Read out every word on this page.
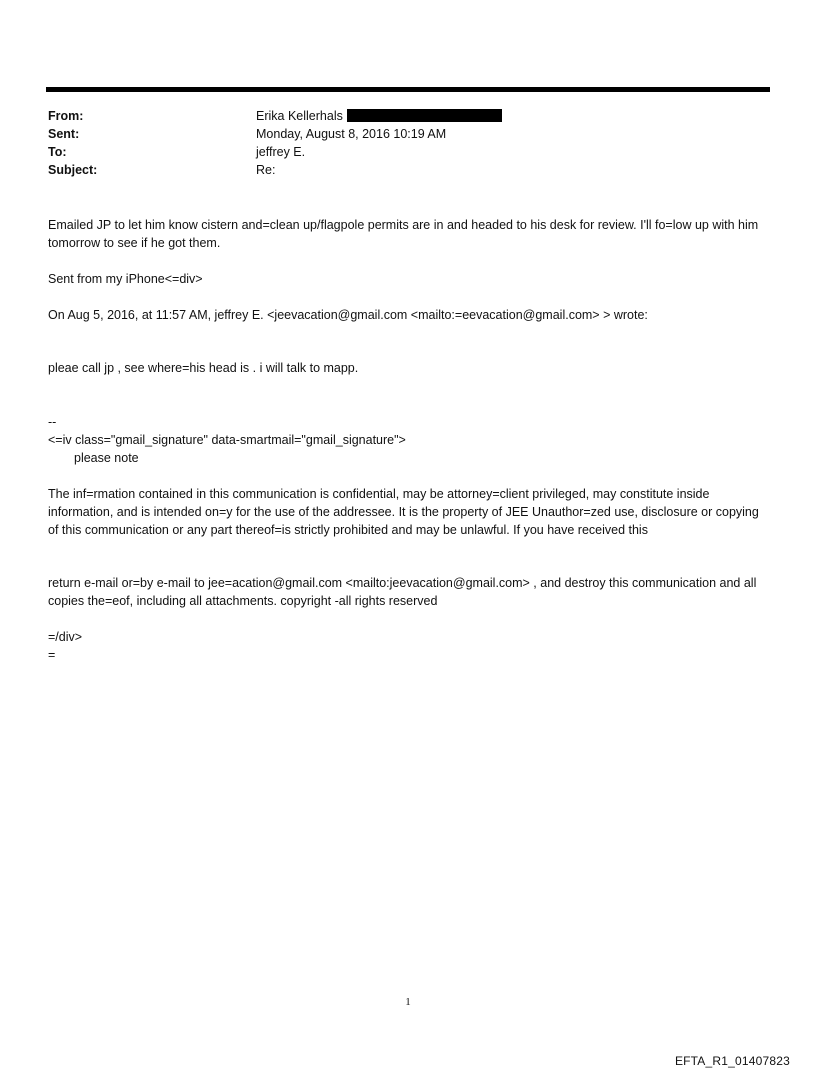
From:	Erika Kellerhals
Sent:	Monday, August 8, 2016 10:19 AM
To:	jeffrey E.
Subject:	Re:
Emailed JP to let him know cistern and=clean up/flagpole permits are in and headed to his desk for review. I'll fo=low up with him tomorrow to see if he got them.
Sent from my iPhone<=div>
On Aug 5, 2016, at 11:57 AM, jeffrey E. <jeevacation@gmail.com <mailto:=eevacation@gmail.com> > wrote:
pleae call jp , see where=his head is . i will talk to mapp.
--
<=iv class="gmail_signature" data-smartmail="gmail_signature">
please note
The inf=rmation contained in this communication is confidential, may be attorney=client privileged, may constitute inside information, and is intended on=y for the use of the addressee. It is the property of JEE Unauthor=zed use, disclosure or copying of this communication or any part thereof=is strictly prohibited and may be unlawful. If you have received this
return e-mail or=by e-mail to jee=acation@gmail.com <mailto:jeevacation@gmail.com> , and destroy this communication and all copies the=eof, including all attachments. copyright -all rights reserved
=/div>
=
1
EFTA_R1_01407823
